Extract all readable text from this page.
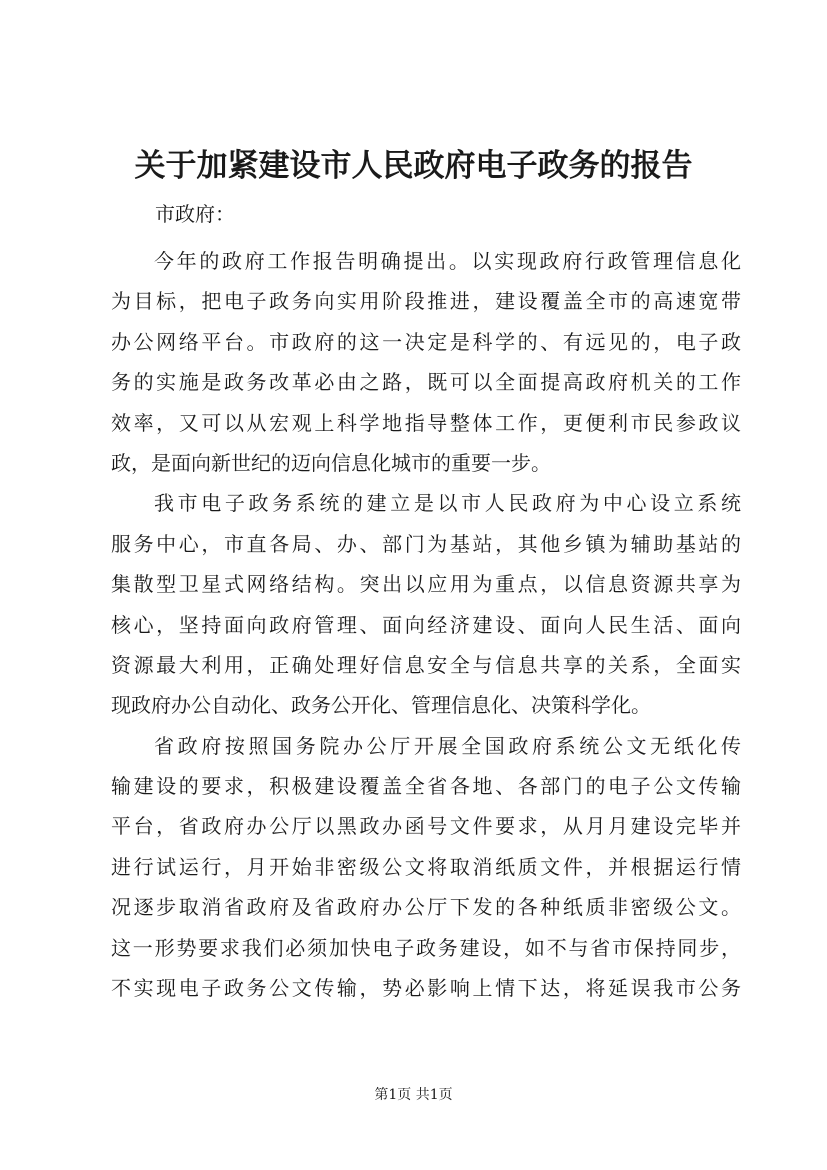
关于加紧建设市人民政府电子政务的报告
市政府：
今年的政府工作报告明确提出。以实现政府行政管理信息化
为目标，把电子政务向实用阶段推进，建设覆盖全市的高速宽带
办公网络平台。市政府的这一决定是科学的、有远见的，电子政
务的实施是政务改革必由之路，既可以全面提高政府机关的工作
效率，又可以从宏观上科学地指导整体工作，更便利市民参政议
政，是面向新世纪的迈向信息化城市的重要一步。
我市电子政务系统的建立是以市人民政府为中心设立系统
服务中心，市直各局、办、部门为基站，其他乡镇为辅助基站的
集散型卫星式网络结构。突出以应用为重点，以信息资源共享为
核心，坚持面向政府管理、面向经济建设、面向人民生活、面向
资源最大利用，正确处理好信息安全与信息共享的关系，全面实
现政府办公自动化、政务公开化、管理信息化、决策科学化。
省政府按照国务院办公厅开展全国政府系统公文无纸化传
输建设的要求，积极建设覆盖全省各地、各部门的电子公文传输
平台，省政府办公厅以黑政办函号文件要求，从月月建设完毕并
进行试运行，月开始非密级公文将取消纸质文件，并根据运行情
况逐步取消省政府及省政府办公厅下发的各种纸质非密级公文。
这一形势要求我们必须加快电子政务建设，如不与省市保持同步，
不实现电子政务公文传输，势必影响上情下达，将延误我市公务
第1页 共1页
